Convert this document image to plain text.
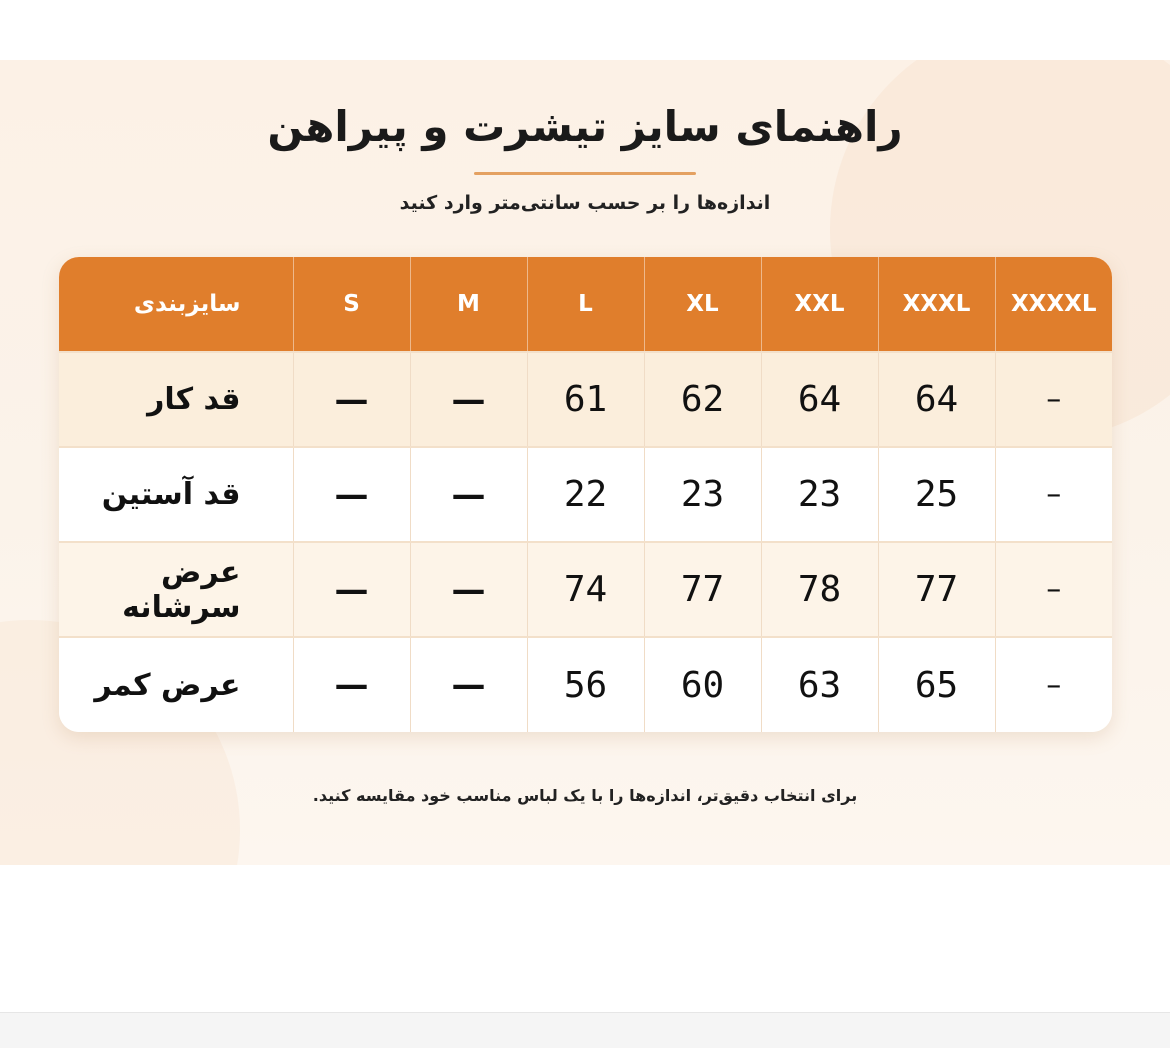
راهنمای سایز تیشرت و پیراهن
اندازه‌ها را بر حسب سانتی‌متر وارد کنید
سایزبندی	S	M	L	XL	XXL	XXXL	XXXXL
قد کار	—	—	61	62	64	64	–
قد آستین	—	—	22	23	23	25	–
عرض سرشانه	—	—	74	77	78	77	–
عرض کمر	—	—	56	60	63	65	–
برای انتخاب دقیق‌تر، اندازه‌ها را با یک لباس مناسب خود مقایسه کنید.
